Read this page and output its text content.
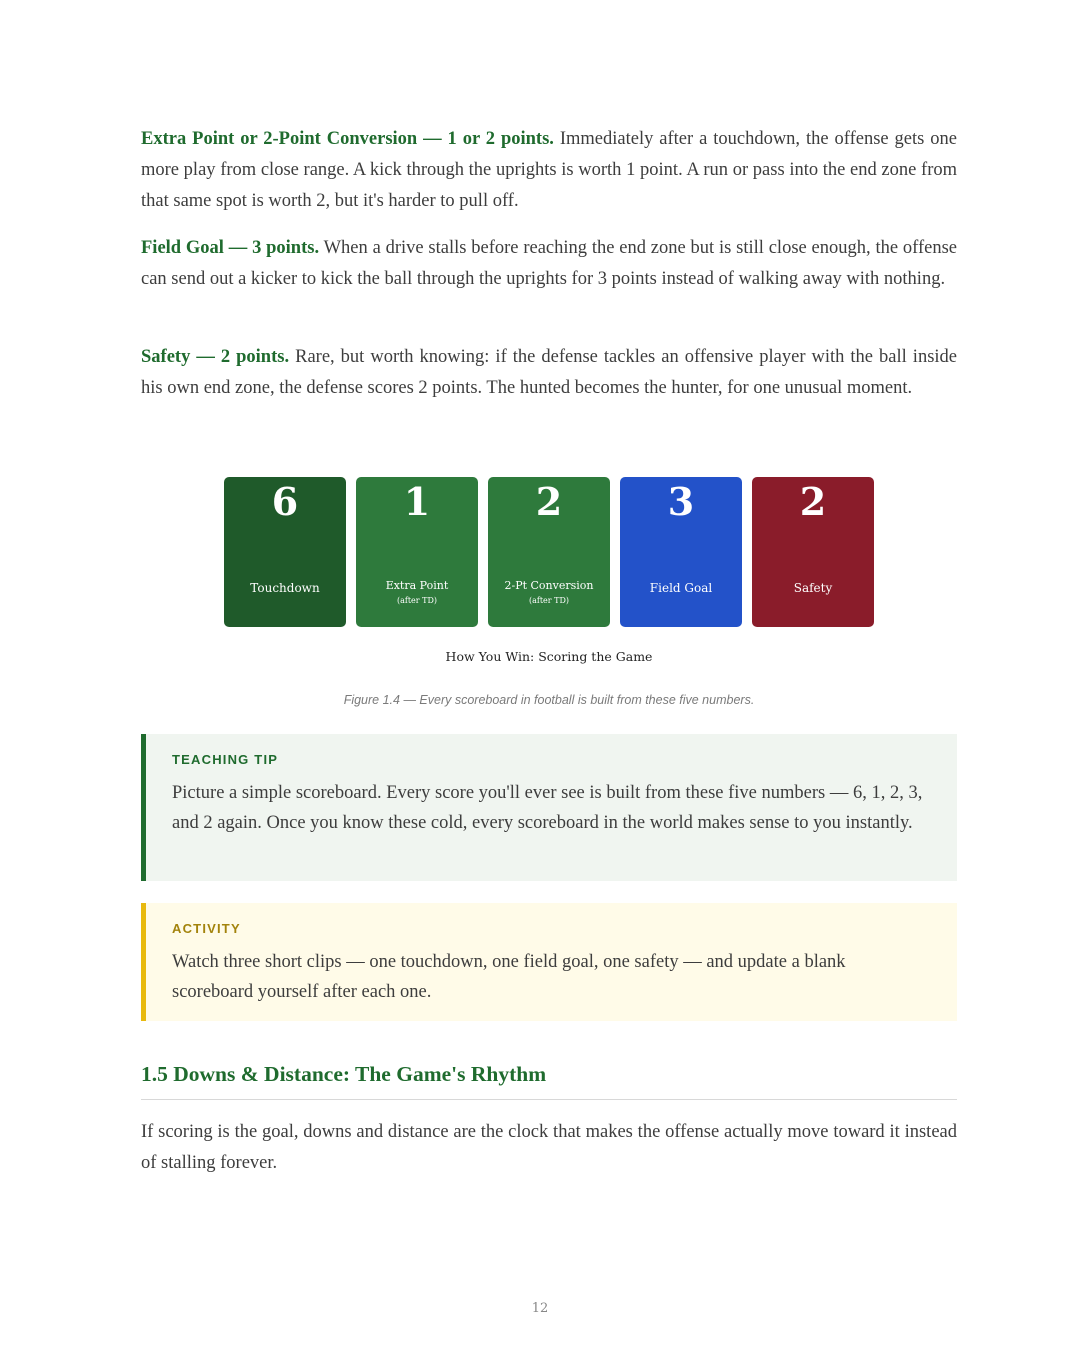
Extra Point or 2-Point Conversion — 1 or 2 points. Immediately after a touchdown, the offense gets one more play from close range. A kick through the uprights is worth 1 point. A run or pass into the end zone from that same spot is worth 2, but it's harder to pull off.

Field Goal — 3 points. When a drive stalls before reaching the end zone but is still close enough, the offense can send out a kicker to kick the ball through the uprights for 3 points instead of walking away with nothing.

Safety — 2 points. Rare, but worth knowing: if the defense tackles an offensive player with the ball inside his own end zone, the defense scores 2 points. The hunted becomes the hunter, for one unusual moment.

6
Touchdown
1
Extra Point
(after TD)
2
2-Pt Conversion
(after TD)
3
Field Goal
2
Safety
How You Win: Scoring the Game
Figure 1.4 — Every scoreboard in football is built from these five numbers.
TEACHING TIP
Picture a simple scoreboard. Every score you'll ever see is built from these five numbers — 6, 1, 2, 3, and 2 again. Once you know these cold, every scoreboard in the world makes sense to you instantly.
ACTIVITY
Watch three short clips — one touchdown, one field goal, one safety — and update a blank scoreboard yourself after each one.
1.5 Downs & Distance: The Game's Rhythm

If scoring is the goal, downs and distance are the clock that makes the offense actually move toward it instead of stalling forever.

12
